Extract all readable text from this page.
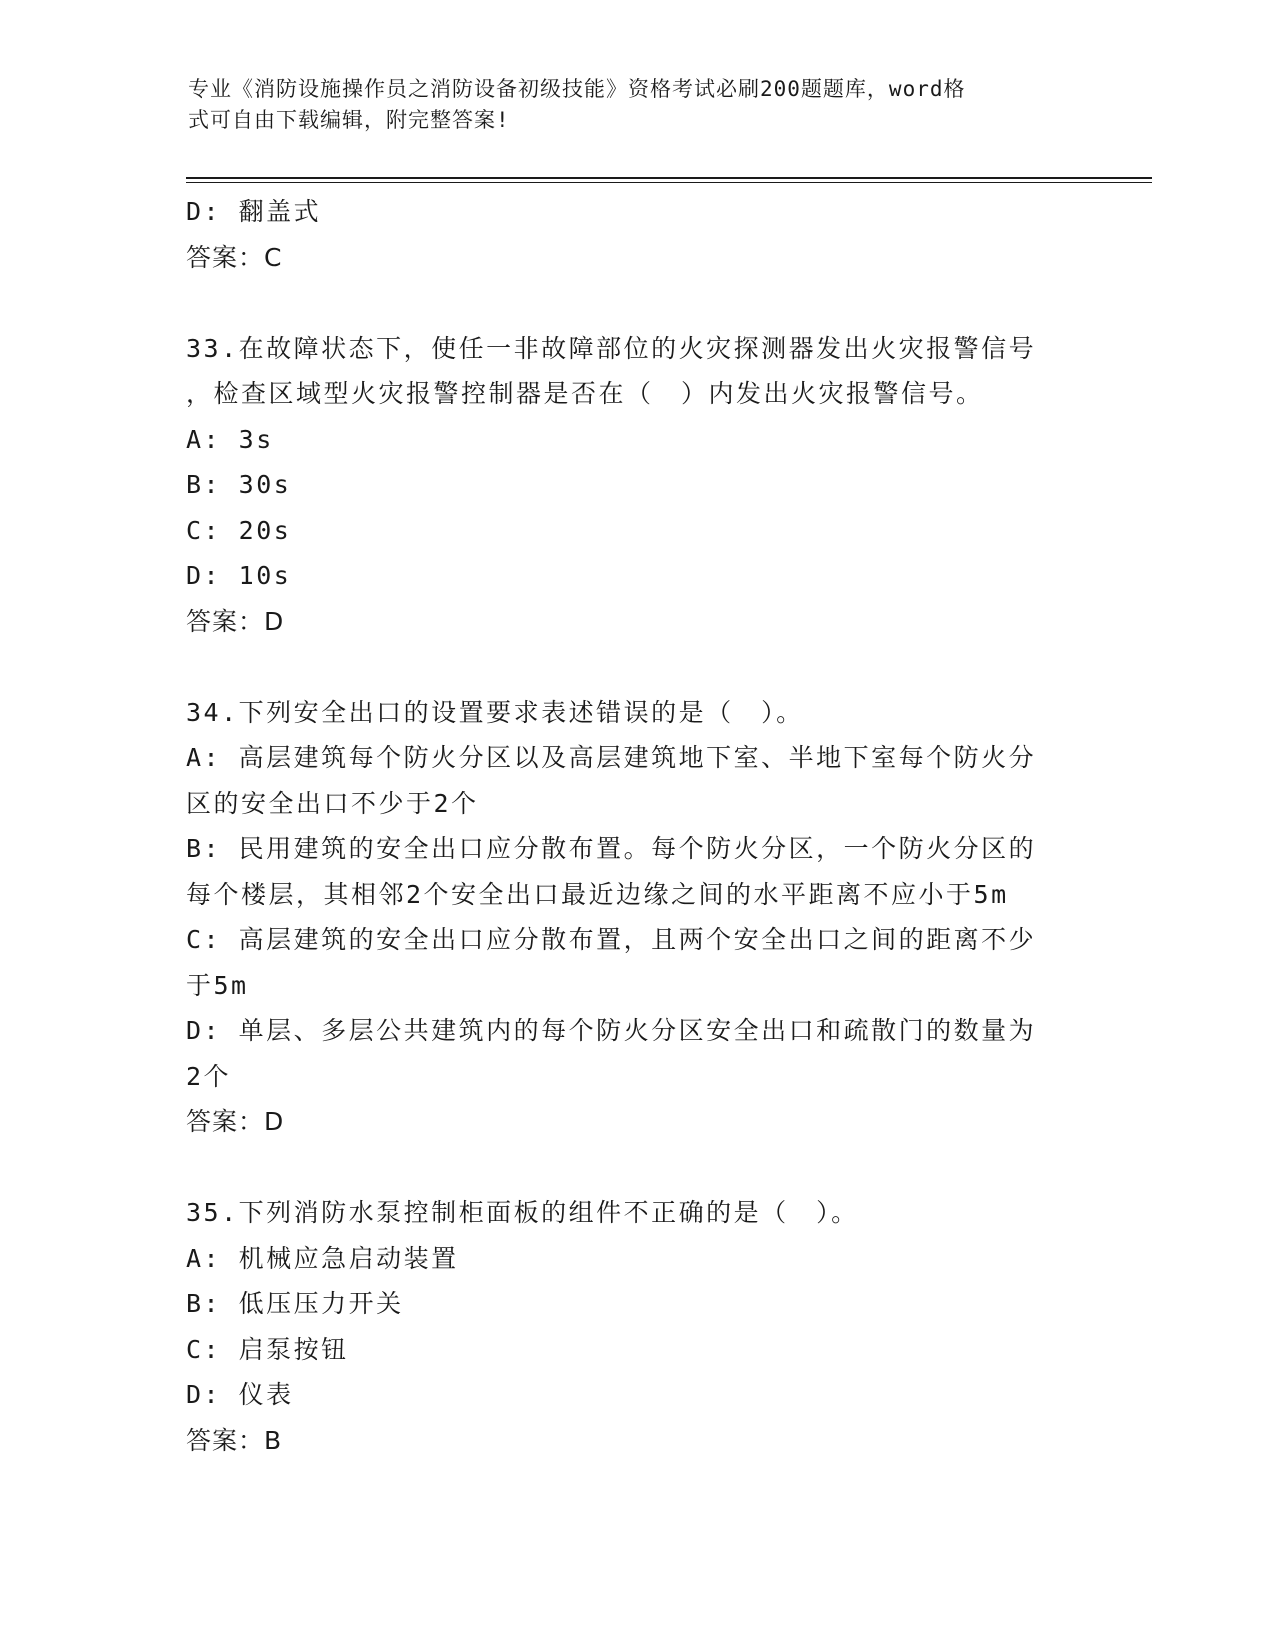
专业《消防设施操作员之消防设备初级技能》资格考试必刷200题题库，word格
式可自由下载编辑，附完整答案!
D: 翻盖式
答案：C
33.在故障状态下，使任一非故障部位的火灾探测器发出火灾报警信号
，检查区域型火灾报警控制器是否在（　）内发出火灾报警信号。
A: 3s
B: 30s
C: 20s
D: 10s
答案：D
34.下列安全出口的设置要求表述错误的是（　）。
A: 高层建筑每个防火分区以及高层建筑地下室、半地下室每个防火分
区的安全出口不少于2个
B: 民用建筑的安全出口应分散布置。每个防火分区，一个防火分区的
每个楼层，其相邻2个安全出口最近边缘之间的水平距离不应小于5m
C: 高层建筑的安全出口应分散布置，且两个安全出口之间的距离不少
于5m
D: 单层、多层公共建筑内的每个防火分区安全出口和疏散门的数量为
2个
答案：D
35.下列消防水泵控制柜面板的组件不正确的是（　）。
A: 机械应急启动装置
B: 低压压力开关
C: 启泵按钮
D: 仪表
答案：B
